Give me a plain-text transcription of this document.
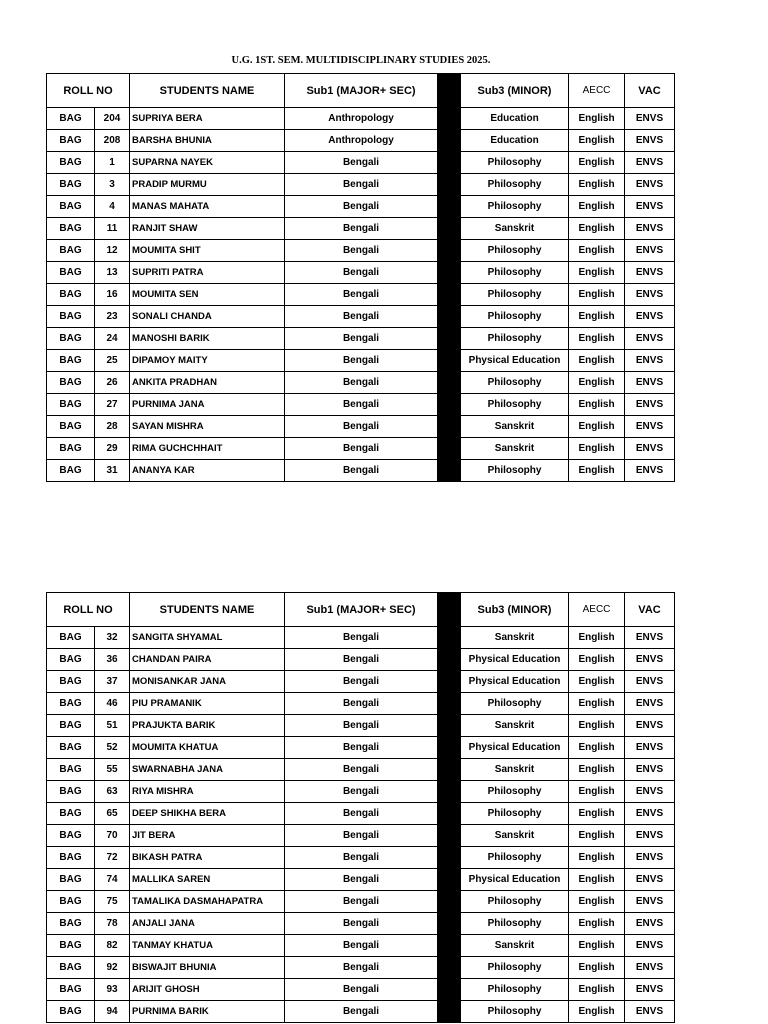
U.G. 1ST. SEM. MULTIDISCIPLINARY STUDIES 2025.
ROLL NO		STUDENTS NAME	Sub1 (MAJOR+ SEC)	2	Sub3 (MINOR)	AECC	VAC
BAG	204	SUPRIYA BERA	Anthropology		Education	English	ENVS
BAG	208	BARSHA BHUNIA	Anthropology		Education	English	ENVS
BAG	1	SUPARNA NAYEK	Bengali		Philosophy	English	ENVS
BAG	3	PRADIP MURMU	Bengali		Philosophy	English	ENVS
BAG	4	MANAS MAHATA	Bengali		Philosophy	English	ENVS
BAG	11	RANJIT SHAW	Bengali		Sanskrit	English	ENVS
BAG	12	MOUMITA SHIT	Bengali		Philosophy	English	ENVS
BAG	13	SUPRITI PATRA	Bengali		Philosophy	English	ENVS
BAG	16	MOUMITA SEN	Bengali		Philosophy	English	ENVS
BAG	23	SONALI CHANDA	Bengali		Philosophy	English	ENVS
BAG	24	MANOSHI BARIK	Bengali		Philosophy	English	ENVS
BAG	25	DIPAMOY MAITY	Bengali		Physical Education	English	ENVS
BAG	26	ANKITA PRADHAN	Bengali		Philosophy	English	ENVS
BAG	27	PURNIMA JANA	Bengali		Philosophy	English	ENVS
BAG	28	SAYAN MISHRA	Bengali		Sanskrit	English	ENVS
BAG	29	RIMA GUCHCHHAIT	Bengali		Sanskrit	English	ENVS
BAG	31	ANANYA KAR	Bengali		Philosophy	English	ENVS
ROLL NO		STUDENTS NAME	Sub1 (MAJOR+ SEC)	2	Sub3 (MINOR)	AECC	VAC
BAG	32	SANGITA SHYAMAL	Bengali		Sanskrit	English	ENVS
BAG	36	CHANDAN PAIRA	Bengali		Physical Education	English	ENVS
BAG	37	MONISANKAR JANA	Bengali		Physical Education	English	ENVS
BAG	46	PIU PRAMANIK	Bengali		Philosophy	English	ENVS
BAG	51	PRAJUKTA BARIK	Bengali		Sanskrit	English	ENVS
BAG	52	MOUMITA KHATUA	Bengali		Physical Education	English	ENVS
BAG	55	SWARNABHA JANA	Bengali		Sanskrit	English	ENVS
BAG	63	RIYA MISHRA	Bengali		Philosophy	English	ENVS
BAG	65	DEEP SHIKHA BERA	Bengali		Philosophy	English	ENVS
BAG	70	JIT BERA	Bengali		Sanskrit	English	ENVS
BAG	72	BIKASH PATRA	Bengali		Philosophy	English	ENVS
BAG	74	MALLIKA SAREN	Bengali		Physical Education	English	ENVS
BAG	75	TAMALIKA DASMAHAPATRA	Bengali		Philosophy	English	ENVS
BAG	78	ANJALI JANA	Bengali		Philosophy	English	ENVS
BAG	82	TANMAY KHATUA	Bengali		Sanskrit	English	ENVS
BAG	92	BISWAJIT BHUNIA	Bengali		Philosophy	English	ENVS
BAG	93	ARIJIT GHOSH	Bengali		Philosophy	English	ENVS
BAG	94	PURNIMA BARIK	Bengali		Philosophy	English	ENVS
